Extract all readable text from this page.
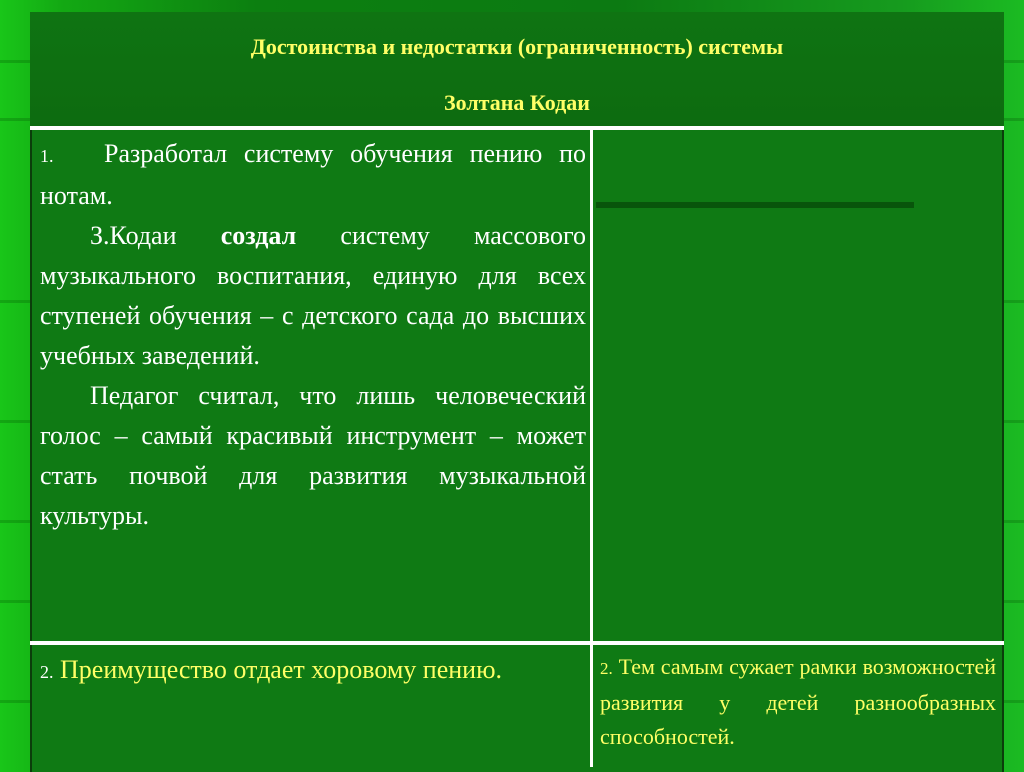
Достоинства и недостатки (ограниченность) системы
Золтана Кодаи

1. Разработал систему обучения пению по нотам.

З.Кодаи создал систему массового музыкального воспитания, единую для всех ступеней обучения – с детского сада до высших учебных заведений.

Педагог считал, что лишь человеческий голос – самый красивый инструмент – может стать почвой для развития музыкальной культуры.

2. Преимущество отдает хоровому пению.	2. Тем самым сужает рамки возможностей развития у детей разнообразных способностей.
